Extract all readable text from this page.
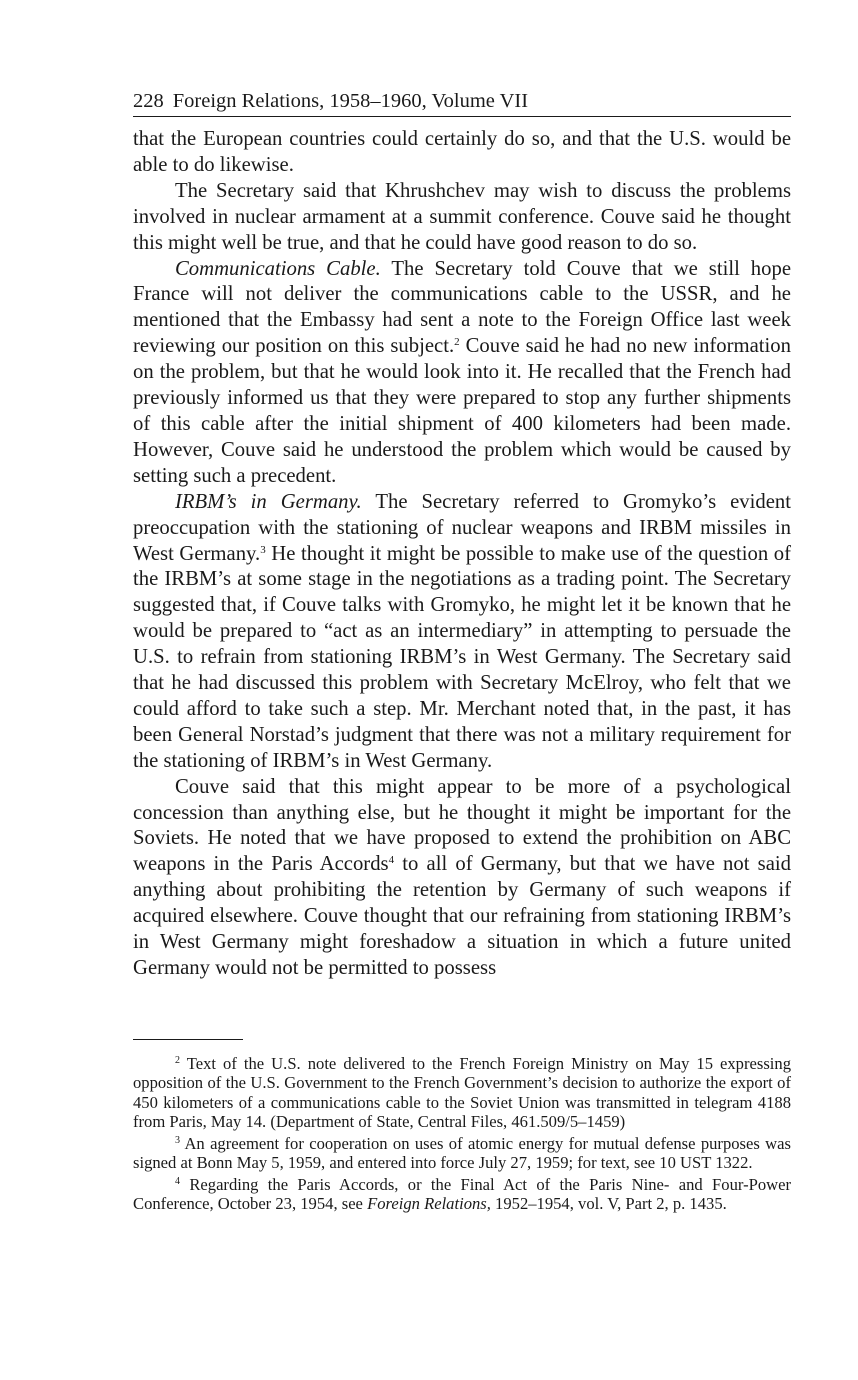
228 Foreign Relations, 1958–1960, Volume VII

that the European countries could certainly do so, and that the U.S. would be able to do likewise.

The Secretary said that Khrushchev may wish to discuss the problems involved in nuclear armament at a summit conference. Couve said he thought this might well be true, and that he could have good reason to do so.

Communications Cable. The Secretary told Couve that we still hope France will not deliver the communications cable to the USSR, and he mentioned that the Embassy had sent a note to the Foreign Office last week reviewing our position on this subject.$^2$ Couve said he had no new information on the problem, but that he would look into it. He recalled that the French had previously informed us that they were prepared to stop any further shipments of this cable after the initial shipment of 400 kilometers had been made. However, Couve said he understood the problem which would be caused by setting such a precedent.

IRBM’s in Germany. The Secretary referred to Gromyko’s evident preoccupation with the stationing of nuclear weapons and IRBM missiles in West Germany.$^3$ He thought it might be possible to make use of the question of the IRBM’s at some stage in the negotiations as a trading point. The Secretary suggested that, if Couve talks with Gromyko, he might let it be known that he would be prepared to “act as an intermediary” in attempting to persuade the U.S. to refrain from stationing IRBM’s in West Germany. The Secretary said that he had discussed this problem with Secretary McElroy, who felt that we could afford to take such a step. Mr. Merchant noted that, in the past, it has been General Norstad’s judgment that there was not a military requirement for the stationing of IRBM’s in West Germany.

Couve said that this might appear to be more of a psychological concession than anything else, but he thought it might be important for the Soviets. He noted that we have proposed to extend the prohibition on ABC weapons in the Paris Accords$^4$ to all of Germany, but that we have not said anything about prohibiting the retention by Germany of such weapons if acquired elsewhere. Couve thought that our refraining from stationing IRBM’s in West Germany might foreshadow a situation in which a future united Germany would not be permitted to possess

$^2$ Text of the U.S. note delivered to the French Foreign Ministry on May 15 expressing opposition of the U.S. Government to the French Government’s decision to authorize the export of 450 kilometers of a communications cable to the Soviet Union was transmitted in telegram 4188 from Paris, May 14. (Department of State, Central Files, 461.509/5–1459)

$^3$ An agreement for cooperation on uses of atomic energy for mutual defense purposes was signed at Bonn May 5, 1959, and entered into force July 27, 1959; for text, see 10 UST 1322.

$^4$ Regarding the Paris Accords, or the Final Act of the Paris Nine- and Four-Power Conference, October 23, 1954, see Foreign Relations, 1952–1954, vol. V, Part 2, p. 1435.
